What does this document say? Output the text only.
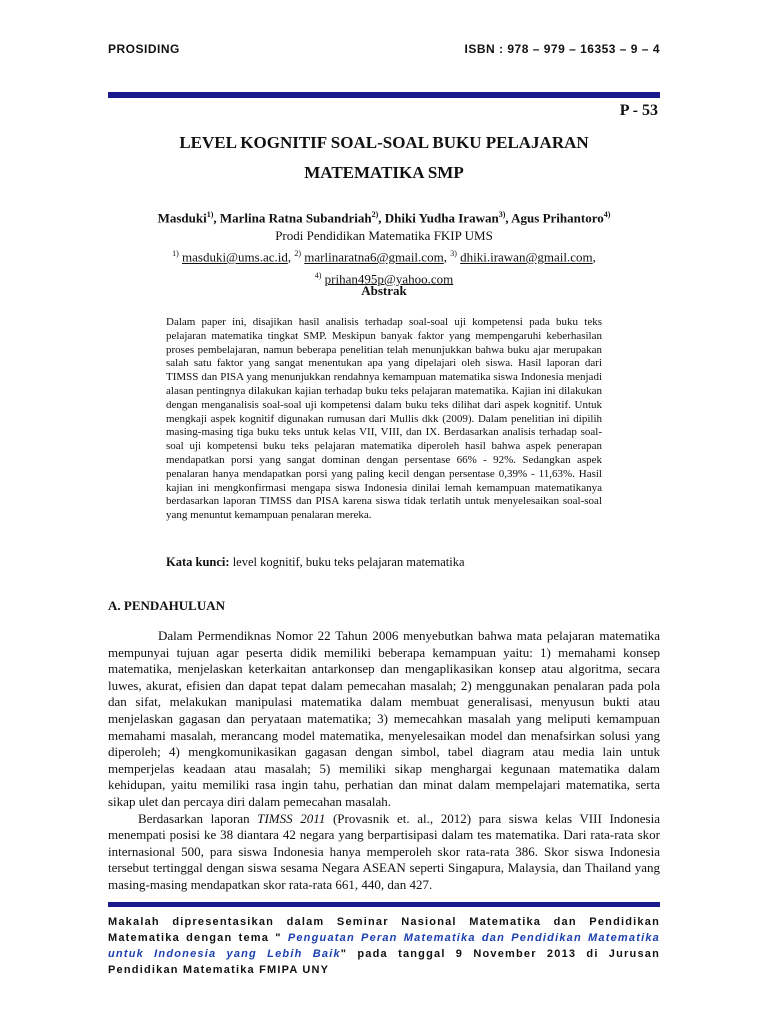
PROSIDING	ISBN : 978 – 979 – 16353 – 9 – 4
P - 53
LEVEL KOGNITIF SOAL-SOAL BUKU PELAJARAN
MATEMATIKA SMP
Masduki$^{1)}$, Marlina Ratna Subandriah$^{2)}$, Dhiki Yudha Irawan$^{3)}$, Agus Prihantoro$^{4)}$
Prodi Pendidikan Matematika FKIP UMS
$^{1)}$ masduki@ums.ac.id, $^{2)}$ marlinaratna6@gmail.com, $^{3)}$ dhiki.irawan@gmail.com,
$^{4)}$ prihan495p@yahoo.com
Abstrak
Dalam paper ini, disajikan hasil analisis terhadap soal-soal uji kompetensi pada buku teks pelajaran matematika tingkat SMP. Meskipun banyak faktor yang mempengaruhi keberhasilan proses pembelajaran, namun beberapa penelitian telah menunjukkan bahwa buku ajar merupakan salah satu faktor yang sangat menentukan apa yang dipelajari oleh siswa. Hasil laporan dari TIMSS dan PISA yang menunjukkan rendahnya kemampuan matematika siswa Indonesia menjadi alasan pentingnya dilakukan kajian terhadap buku teks pelajaran matematika. Kajian ini dilakukan dengan menganalisis soal-soal uji kompetensi dalam buku teks dilihat dari aspek kognitif. Untuk mengkaji aspek kognitif digunakan rumusan dari Mullis dkk (2009). Dalam penelitian ini dipilih masing-masing tiga buku teks untuk kelas VII, VIII, dan IX. Berdasarkan analisis terhadap soal-soal uji kompetensi buku teks pelajaran matematika diperoleh hasil bahwa aspek penerapan mendapatkan porsi yang sangat dominan dengan persentase 66% - 92%. Sedangkan aspek penalaran hanya mendapatkan porsi yang paling kecil dengan persentase 0,39% - 11,63%. Hasil kajian ini mengkonfirmasi mengapa siswa Indonesia dinilai lemah kemampuan matematikanya berdasarkan laporan TIMSS dan PISA karena siswa tidak terlatih untuk menyelesaikan soal-soal yang menuntut kemampuan penalaran mereka.
Kata kunci: level kognitif, buku teks pelajaran matematika
A. PENDAHULUAN

Dalam Permendiknas Nomor 22 Tahun 2006 menyebutkan bahwa mata pelajaran matematika mempunyai tujuan agar peserta didik memiliki beberapa kemampuan yaitu: 1) memahami konsep matematika, menjelaskan keterkaitan antarkonsep dan mengaplikasikan konsep atau algoritma, secara luwes, akurat, efisien dan dapat tepat dalam pemecahan masalah; 2) menggunakan penalaran pada pola dan sifat, melakukan manipulasi matematika dalam membuat generalisasi, menyusun bukti atau menjelaskan gagasan dan peryataan matematika; 3) memecahkan masalah yang meliputi kemampuan memahami masalah, merancang model matematika, menyelesaikan model dan menafsirkan solusi yang diperoleh; 4) mengkomunikasikan gagasan dengan simbol, tabel diagram atau media lain untuk memperjelas keadaan atau masalah; 5) memiliki sikap menghargai kegunaan matematika dalam kehidupan, yaitu memiliki rasa ingin tahu, perhatian dan minat dalam mempelajari matematika, serta sikap ulet dan percaya diri dalam pemecahan masalah.

Berdasarkan laporan TIMSS 2011 (Provasnik et. al., 2012) para siswa kelas VIII Indonesia menempati posisi ke 38 diantara 42 negara yang berpartisipasi dalam tes matematika. Dari rata-rata skor internasional 500, para siswa Indonesia hanya memperoleh skor rata-rata 386. Skor siswa Indonesia tersebut tertinggal dengan siswa sesama Negara ASEAN seperti Singapura, Malaysia, dan Thailand yang masing-masing mendapatkan skor rata-rata 661, 440, dan 427.

Makalah dipresentasikan dalam Seminar Nasional Matematika dan Pendidikan Matematika dengan tema " Penguatan Peran Matematika dan Pendidikan Matematika untuk Indonesia yang Lebih Baik" pada tanggal 9 November 2013 di Jurusan Pendidikan Matematika FMIPA UNY
